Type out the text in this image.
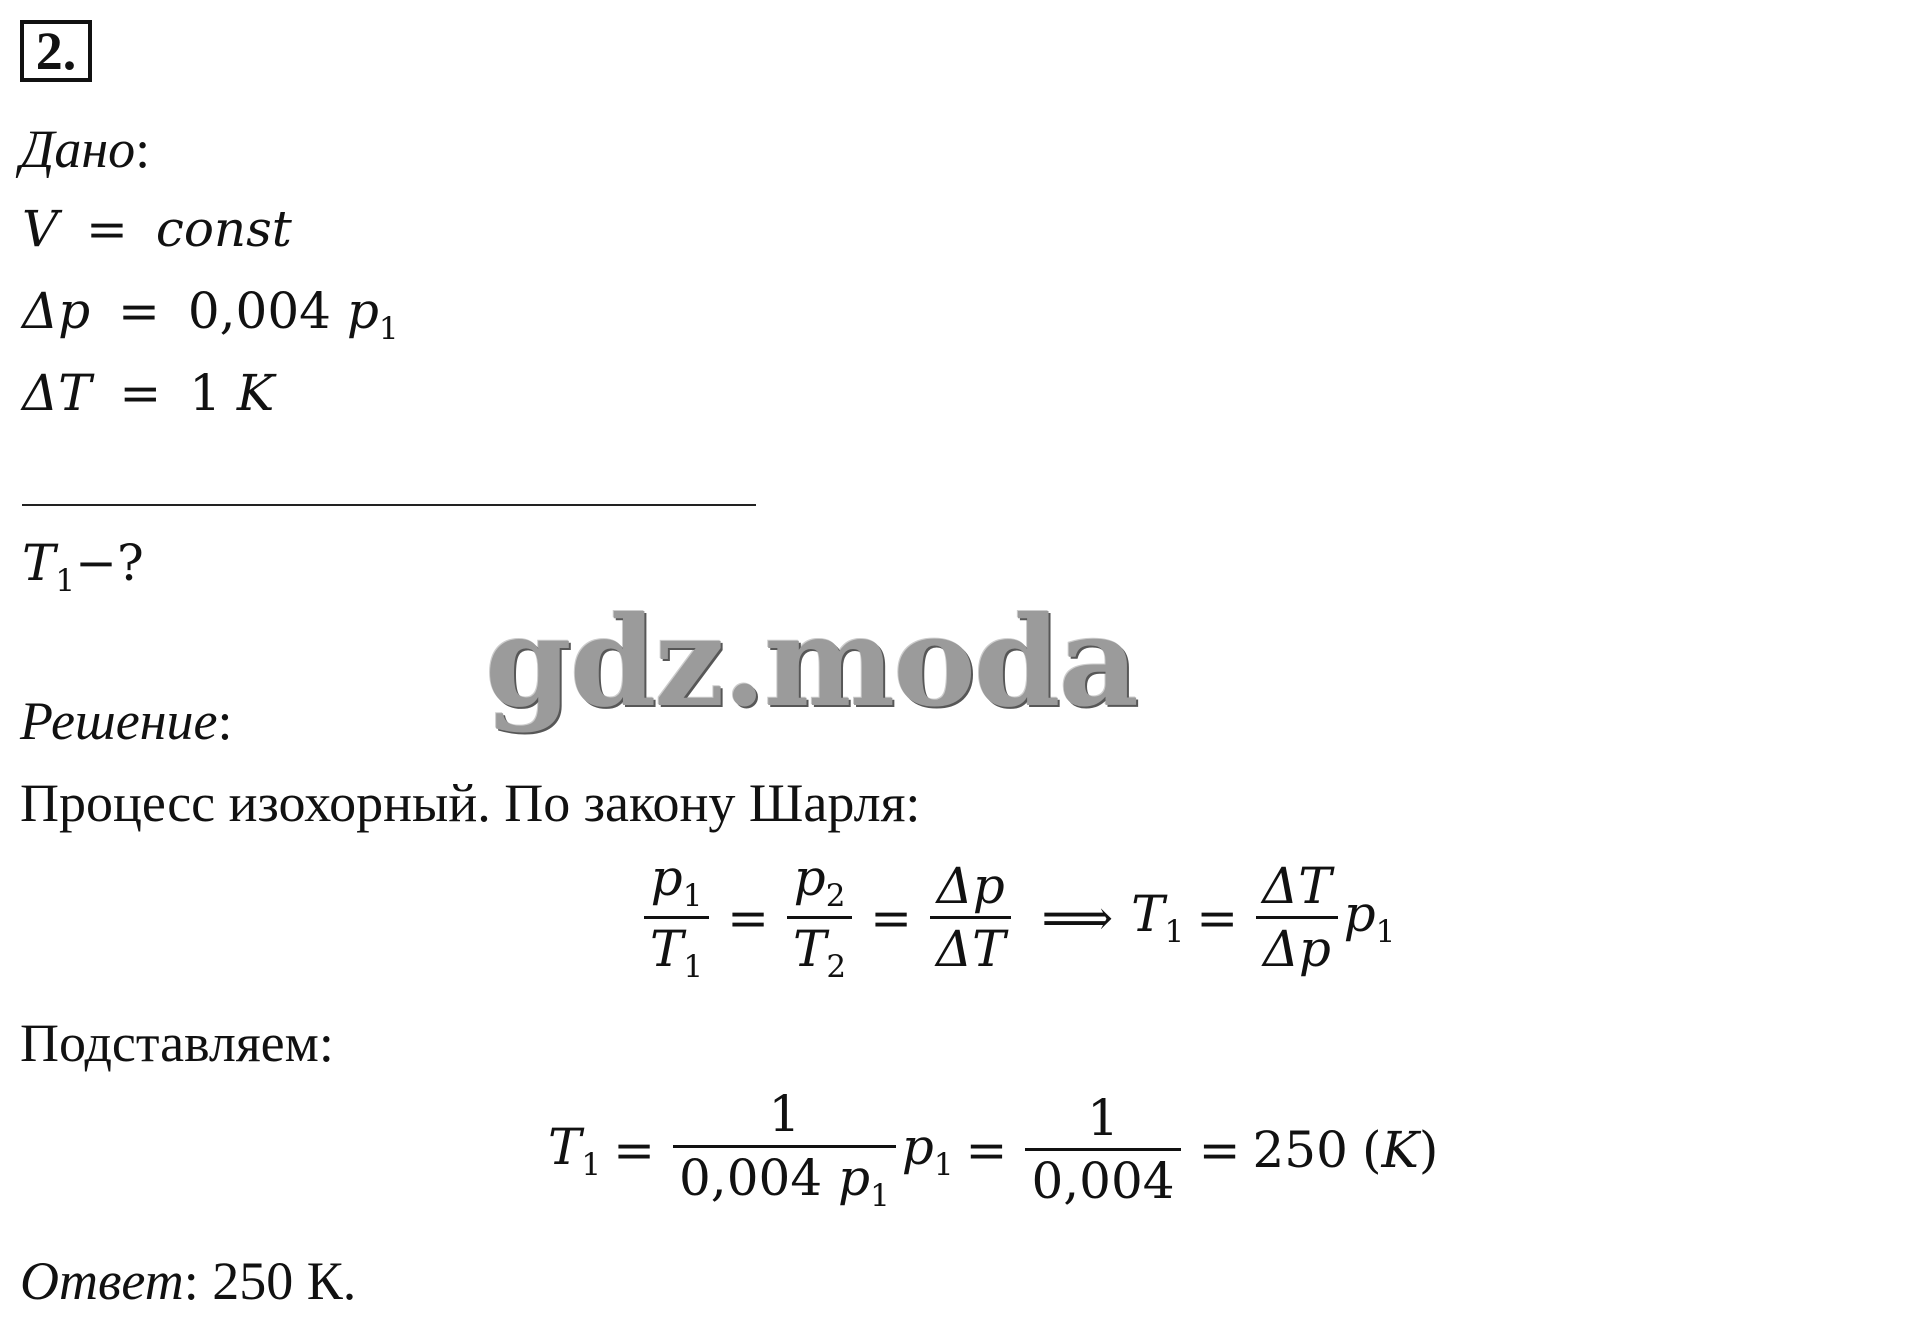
2.
Дано:
V = const
Δp = 0,004 $p_1$
ΔT = 1 K
$T_1-$?
gdz.moda
Решение:
Процесс изохорный. По закону Шарля:
$\frac{p_1}{T_1} = \frac{p_2}{T_2} = \frac{\Delta p}{\Delta T}$ ⟹ $T_1 = \frac{\Delta T}{\Delta p} p_1$
Подставляем:
$T_1 = \frac{1}{0,004 p_1} p_1 = \frac{1}{0,004} = 250$ (K)
Ответ: 250 К.
